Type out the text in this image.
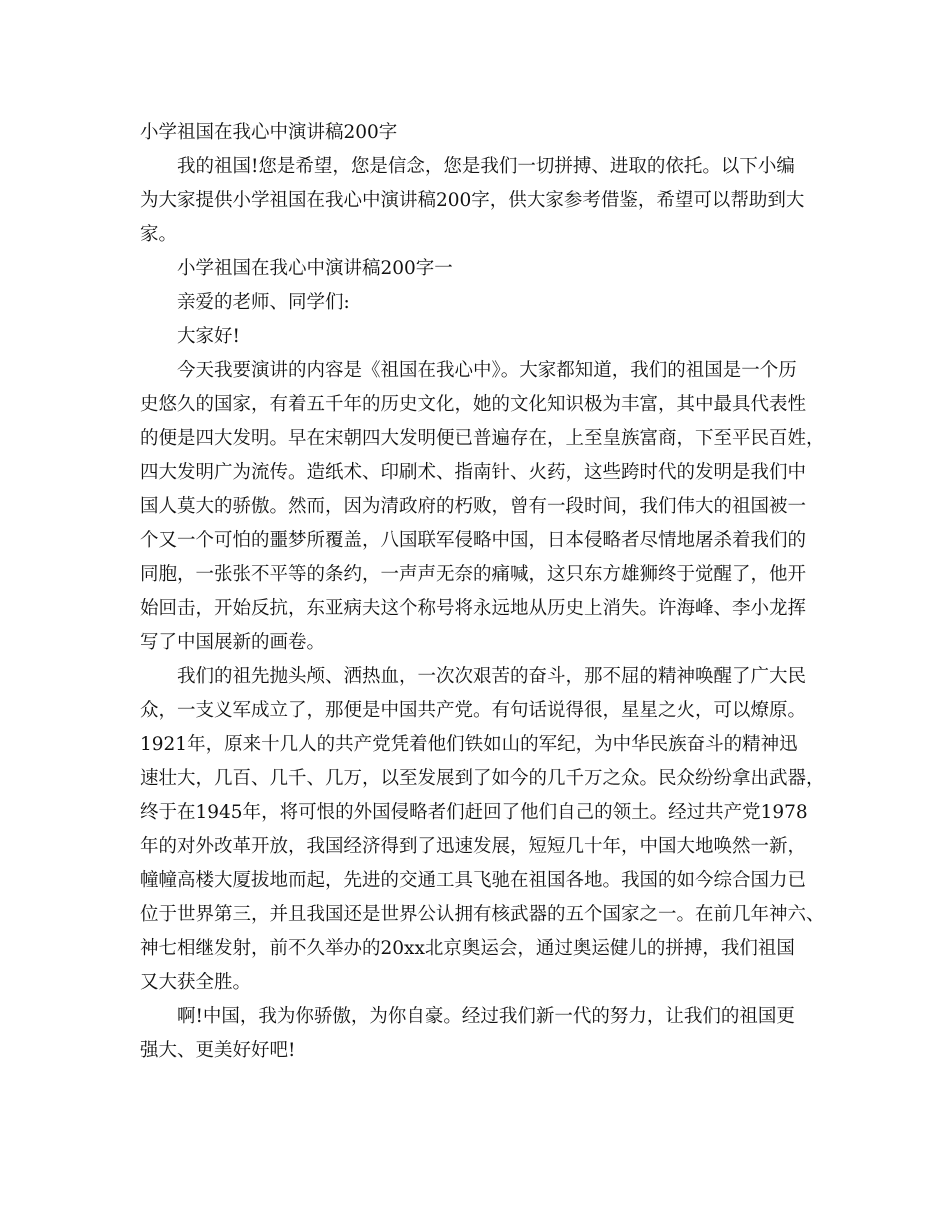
小学祖国在我心中演讲稿200字
我的祖国!您是希望，您是信念，您是我们一切拼搏、进取的依托。以下小编
为大家提供小学祖国在我心中演讲稿200字，供大家参考借鉴，希望可以帮助到大
家。
小学祖国在我心中演讲稿200字一
亲爱的老师、同学们:
大家好!
今天我要演讲的内容是《祖国在我心中》。大家都知道，我们的祖国是一个历
史悠久的国家，有着五千年的历史文化，她的文化知识极为丰富，其中最具代表性
的便是四大发明。早在宋朝四大发明便已普遍存在，上至皇族富商，下至平民百姓，
四大发明广为流传。造纸术、印刷术、指南针、火药，这些跨时代的发明是我们中
国人莫大的骄傲。然而，因为清政府的朽败，曾有一段时间，我们伟大的祖国被一
个又一个可怕的噩梦所覆盖，八国联军侵略中国，日本侵略者尽情地屠杀着我们的
同胞，一张张不平等的条约，一声声无奈的痛喊，这只东方雄狮终于觉醒了，他开
始回击，开始反抗，东亚病夫这个称号将永远地从历史上消失。许海峰、李小龙挥
写了中国展新的画卷。
我们的祖先抛头颅、洒热血，一次次艰苦的奋斗，那不屈的精神唤醒了广大民
众，一支义军成立了，那便是中国共产党。有句话说得很，星星之火，可以燎原。
1921年，原来十几人的共产党凭着他们铁如山的军纪，为中华民族奋斗的精神迅
速壮大，几百、几千、几万，以至发展到了如今的几千万之众。民众纷纷拿出武器，
终于在1945年，将可恨的外国侵略者们赶回了他们自己的领土。经过共产党1978
年的对外改革开放，我国经济得到了迅速发展，短短几十年，中国大地唤然一新，
幢幢高楼大厦拔地而起，先进的交通工具飞驰在祖国各地。我国的如今综合国力已
位于世界第三，并且我国还是世界公认拥有核武器的五个国家之一。在前几年神六、
神七相继发射，前不久举办的20xx北京奥运会，通过奥运健儿的拼搏，我们祖国
又大获全胜。
啊!中国，我为你骄傲，为你自豪。经过我们新一代的努力，让我们的祖国更
强大、更美好好吧!
